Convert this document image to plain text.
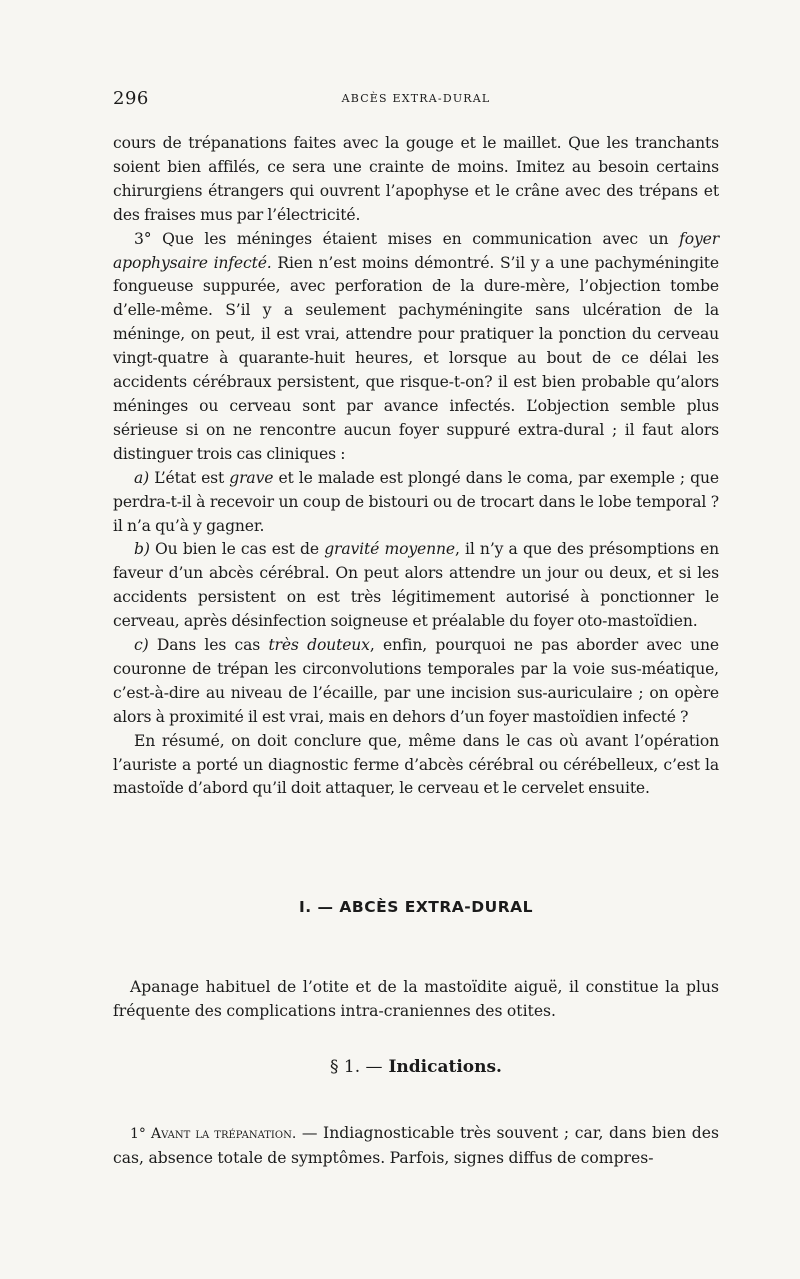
296	ABCÈS EXTRA-DURAL

cours de trépanations faites avec la gouge et le maillet. Que les tranchants soient bien affilés, ce sera une crainte de moins. Imitez au besoin certains chirurgiens étrangers qui ouvrent l’apophyse et le crâne avec des trépans et des fraises mus par l’électricité.

3° Que les méninges étaient mises en communication avec un foyer apophysaire infecté. Rien n’est moins démontré. S’il y a une pachyméningite fongueuse suppurée, avec perforation de la dure-mère, l’objection tombe d’elle-même. S’il y a seulement pachyméningite sans ulcération de la méninge, on peut, il est vrai, attendre pour pratiquer la ponction du cerveau vingt-quatre à quarante-huit heures, et lorsque au bout de ce délai les accidents cérébraux persistent, que risque-t-on? il est bien probable qu’alors méninges ou cerveau sont par avance infectés. L’objection semble plus sérieuse si on ne rencontre aucun foyer suppuré extra-dural ; il faut alors distinguer trois cas cliniques :

a) L’état est grave et le malade est plongé dans le coma, par exemple ; que perdra-t-il à recevoir un coup de bistouri ou de trocart dans le lobe temporal ? il n’a qu’à y gagner.

b) Ou bien le cas est de gravité moyenne, il n’y a que des présomptions en faveur d’un abcès cérébral. On peut alors attendre un jour ou deux, et si les accidents persistent on est très légitimement autorisé à ponctionner le cerveau, après désinfection soigneuse et préalable du foyer oto-mastoïdien.

c) Dans les cas très douteux, enfin, pourquoi ne pas aborder avec une couronne de trépan les circonvolutions temporales par la voie sus-méatique, c’est-à-dire au niveau de l’écaille, par une incision sus-auriculaire ; on opère alors à proximité il est vrai, mais en dehors d’un foyer mastoïdien infecté ?

En résumé, on doit conclure que, même dans le cas où avant l’opération l’auriste a porté un diagnostic ferme d’abcès cérébral ou cérébelleux, c’est la mastoïde d’abord qu’il doit attaquer, le cerveau et le cervelet ensuite.

I. — ABCÈS EXTRA-DURAL

Apanage habituel de l’otite et de la mastoïdite aiguë, il constitue la plus fréquente des complications intra-craniennes des otites.

§ 1. — Indications.

1° Avant la trépanation. — Indiagnosticable très souvent ; car, dans bien des cas, absence totale de symptômes. Parfois, signes diffus de compres-
